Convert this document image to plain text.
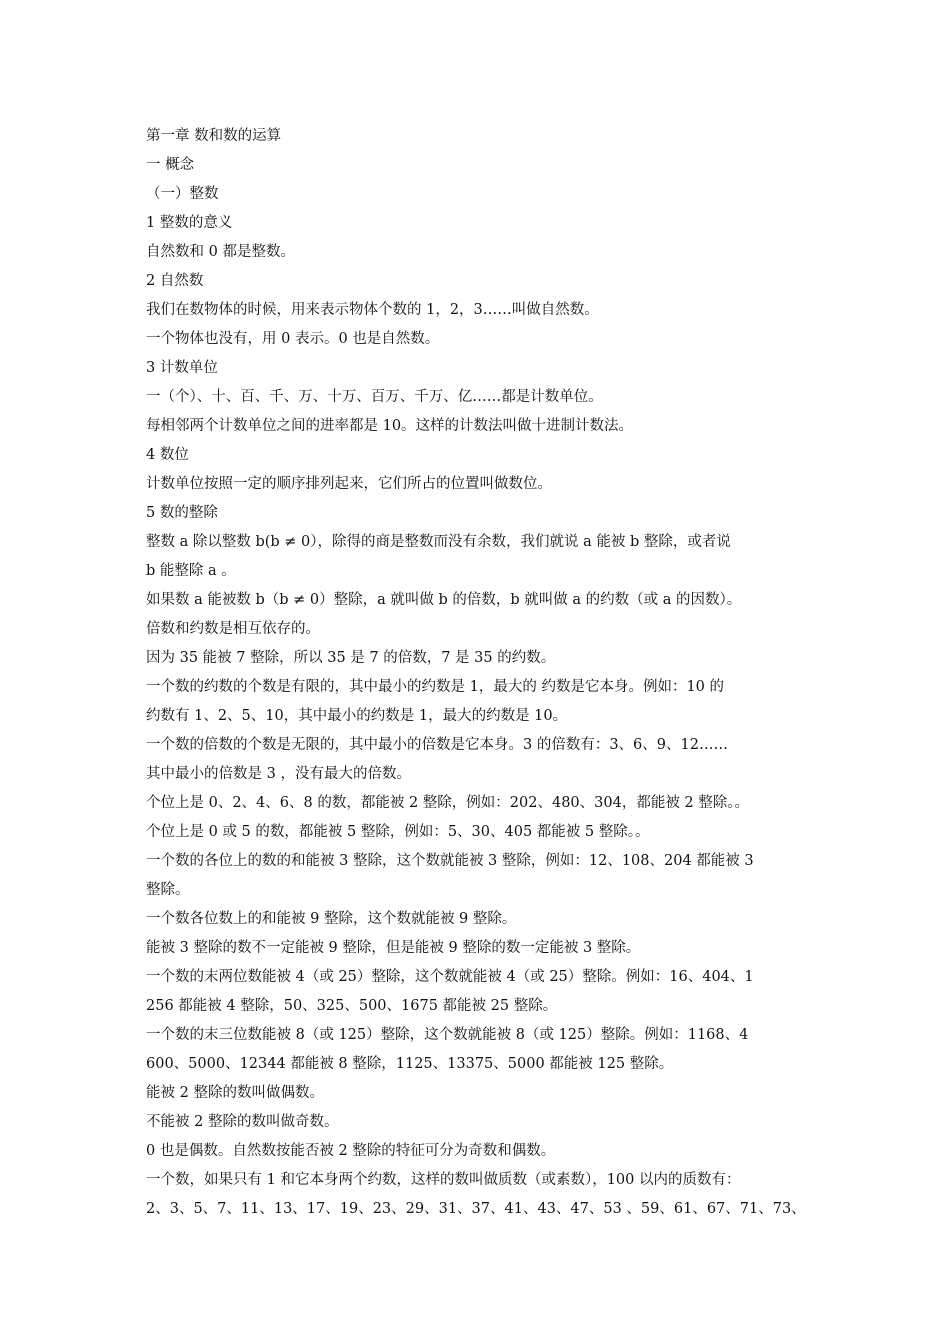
第一章 数和数的运算
一 概念
（一）整数
1 整数的意义
自然数和 0 都是整数。
2 自然数
我们在数物体的时候，用来表示物体个数的 1，2，3……叫做自然数。
一个物体也没有，用 0 表示。0 也是自然数。
3 计数单位
一（个）、十、百、千、万、十万、百万、千万、亿……都是计数单位。
每相邻两个计数单位之间的进率都是 10。这样的计数法叫做十进制计数法。
4 数位
计数单位按照一定的顺序排列起来，它们所占的位置叫做数位。
5 数的整除
整数 a 除以整数 b(b ≠ 0），除得的商是整数而没有余数，我们就说 a 能被 b 整除，或者说
b 能整除 a 。
如果数 a 能被数 b（b ≠ 0）整除，a 就叫做 b 的倍数，b 就叫做 a 的约数（或 a 的因数）。
倍数和约数是相互依存的。
因为 35 能被 7 整除，所以 35 是 7 的倍数，7 是 35 的约数。
一个数的约数的个数是有限的，其中最小的约数是 1，最大的 约数是它本身。例如：10 的
约数有 1、2、5、10，其中最小的约数是 1，最大的约数是 10。
一个数的倍数的个数是无限的，其中最小的倍数是它本身。3 的倍数有：3、6、9、12……
其中最小的倍数是 3 ，没有最大的倍数。
个位上是 0、2、4、6、8 的数，都能被 2 整除，例如：202、480、304，都能被 2 整除。。
个位上是 0 或 5 的数，都能被 5 整除，例如：5、30、405 都能被 5 整除。。
一个数的各位上的数的和能被 3 整除，这个数就能被 3 整除，例如：12、108、204 都能被 3
整除。
一个数各位数上的和能被 9 整除，这个数就能被 9 整除。
能被 3 整除的数不一定能被 9 整除，但是能被 9 整除的数一定能被 3 整除。
一个数的末两位数能被 4（或 25）整除，这个数就能被 4（或 25）整除。例如：16、404、1
256 都能被 4 整除，50、325、500、1675 都能被 25 整除。
一个数的末三位数能被 8（或 125）整除，这个数就能被 8（或 125）整除。例如：1168、4
600、5000、12344 都能被 8 整除，1125、13375、5000 都能被 125 整除。
能被 2 整除的数叫做偶数。
不能被 2 整除的数叫做奇数。
0 也是偶数。自然数按能否被 2 整除的特征可分为奇数和偶数。
一个数，如果只有 1 和它本身两个约数，这样的数叫做质数（或素数），100 以内的质数有：
2、3、5、7、11、13、17、19、23、29、31、37、41、43、47、53 、59、61、67、71、73、
